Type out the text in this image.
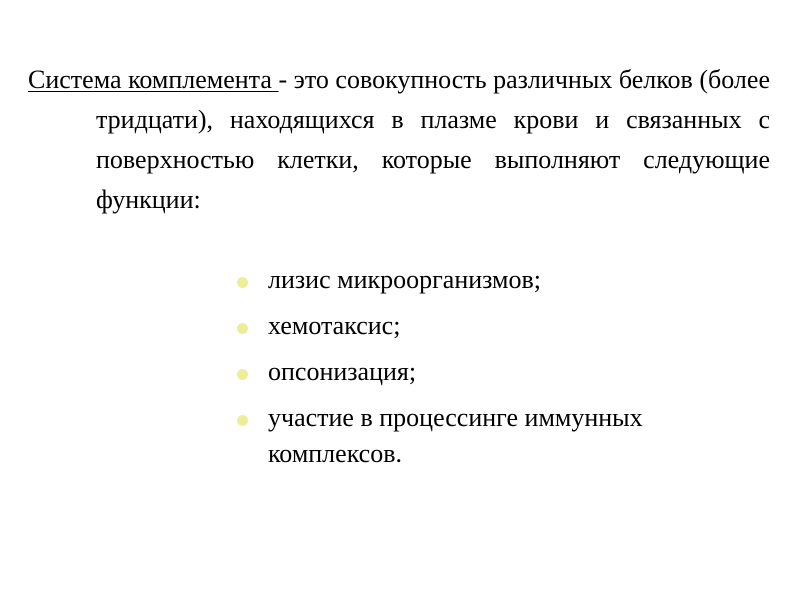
Система комплемента - это совокупность различных белков (более тридцати), находящихся в плазме крови и связанных с поверхностью клетки, которые выполняют следующие функции:

лизис микроорганизмов;
хемотаксис;
опсонизация;
участие в процессинге иммунных комплексов.
